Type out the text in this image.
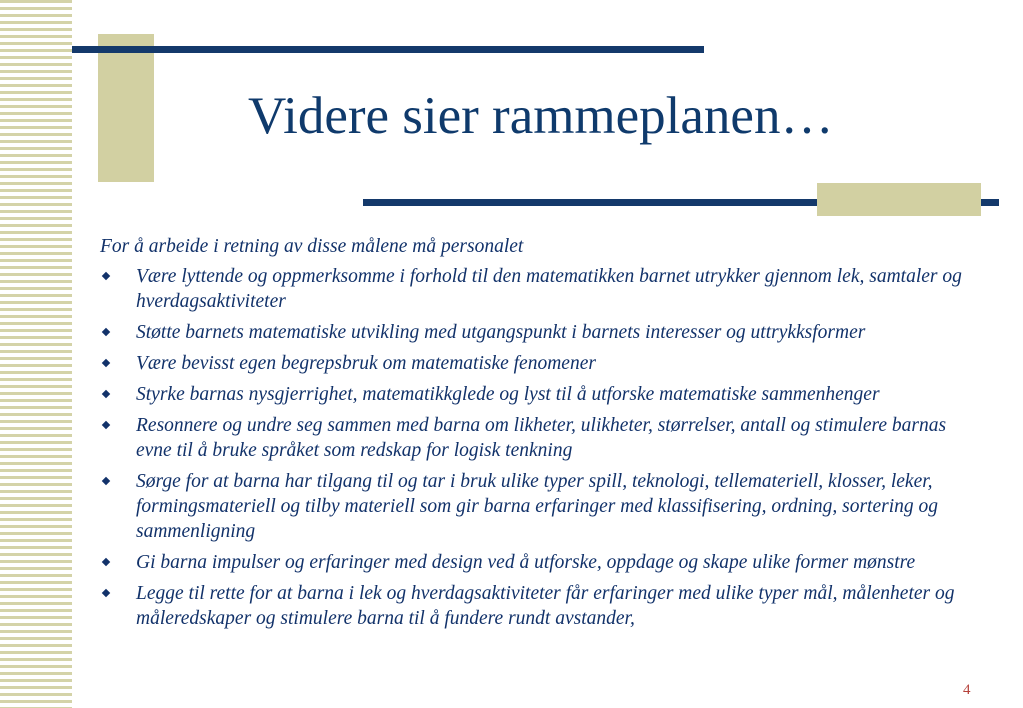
Videre sier rammeplanen…

For å arbeide i retning av disse målene må personalet

Være lyttende og oppmerksomme i forhold til den matematikken barnet utrykker gjennom lek, samtaler og hverdagsaktiviteter
Støtte barnets matematiske utvikling med utgangspunkt i barnets interesser og uttrykksformer
Være bevisst egen begrepsbruk om matematiske fenomener
Styrke barnas nysgjerrighet, matematikkglede og lyst til å utforske matematiske sammenhenger
Resonnere og undre seg sammen med barna om likheter, ulikheter, størrelser, antall og stimulere barnas evne til å bruke språket som redskap for logisk tenkning
Sørge for at barna har tilgang til og tar i bruk ulike typer spill, teknologi, tellemateriell, klosser, leker, formingsmateriell og tilby materiell som gir barna erfaringer med klassifisering, ordning, sortering og sammenligning
Gi barna impulser og erfaringer med design ved å utforske, oppdage og skape ulike former mønstre
Legge til rette for at barna i lek og hverdagsaktiviteter får erfaringer med ulike typer mål, målenheter og måleredskaper og stimulere barna til å fundere rundt avstander,
4
